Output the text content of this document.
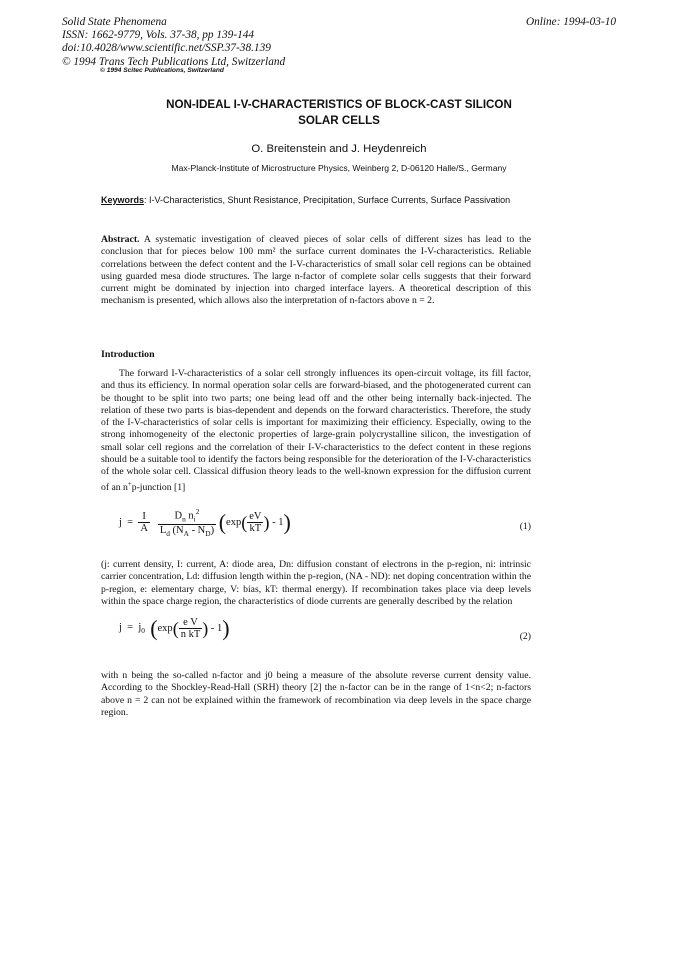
Solid State Phenomena
ISSN: 1662-9779, Vols. 37-38, pp 139-144
doi:10.4028/www.scientific.net/SSP.37-38.139
© 1994 Trans Tech Publications Ltd, Switzerland
Online: 1994-03-10
© 1994 Scitec Publications, Switzerland
NON-IDEAL I-V-CHARACTERISTICS OF BLOCK-CAST SILICON
SOLAR CELLS
O. Breitenstein and J. Heydenreich
Max-Planck-Institute of Microstructure Physics, Weinberg 2, D-06120 Halle/S., Germany
Keywords: I-V-Characteristics, Shunt Resistance, Precipitation, Surface Currents, Surface Passivation
Abstract. A systematic investigation of cleaved pieces of solar cells of different sizes has lead to the conclusion that for pieces below 100 mm² the surface current dominates the I-V-characteristics. Reliable correlations between the defect content and the I-V-characteristics of small solar cell regions can be obtained using guarded mesa diode structures. The large n-factor of complete solar cells suggests that their forward current might be dominated by injection into charged interface layers. A theoretical description of this mechanism is presented, which allows also the interpretation of n-factors above n = 2.
Introduction
The forward I-V-characteristics of a solar cell strongly influences its open-circuit voltage, its fill factor, and thus its efficiency. In normal operation solar cells are forward-biased, and the photogenerated current can be thought to be split into two parts; one being lead off and the other being internally back-injected. The relation of these two parts is bias-dependent and depends on the forward characteristics. Therefore, the study of the I-V-characteristics of solar cells is important for maximizing their efficiency. Especially, owing to the strong inhomogeneity of the electonic properties of large-grain polycrystalline silicon, the investigation of small solar cell regions and the correlation of their I-V-characteristics to the defect content in these regions should be a suitable tool to identify the factors being responsible for the deterioration of the I-V-characteristics of the whole solar cell. Classical diffusion theory leads to the well-known expression for the diffusion current of an n+p-junction [1]
$j = \frac{I}{A}$
$\frac{D_n n_i^2}{L_d (N_A - N_D)} (\exp( \frac{eV}{kT}$ ) - 1)	(1)
(j: current density, I: current, A: diode area, Dn: diffusion constant of electrons in the p-region, ni: intrinsic carrier concentration, Ld: diffusion length within the p-region, (NA - ND): net doping concentration within the p-region, e: elementary charge, V: bias, kT: thermal energy). If recombination takes place via deep levels within the space charge region, the characteristics of diode currents are generally described by the relation
$j = j_0$ ($\exp( \frac{\text{e V}}{\text{n kT}}$ ) - 1)	(2)
with n being the so-called n-factor and j0 being a measure of the absolute reverse current density value. According to the Shockley-Read-Hall (SRH) theory [2] the n-factor can be in the range of 1<n<2; n-factors above n = 2 can not be explained within the framework of recombination via deep levels in the space charge region.
